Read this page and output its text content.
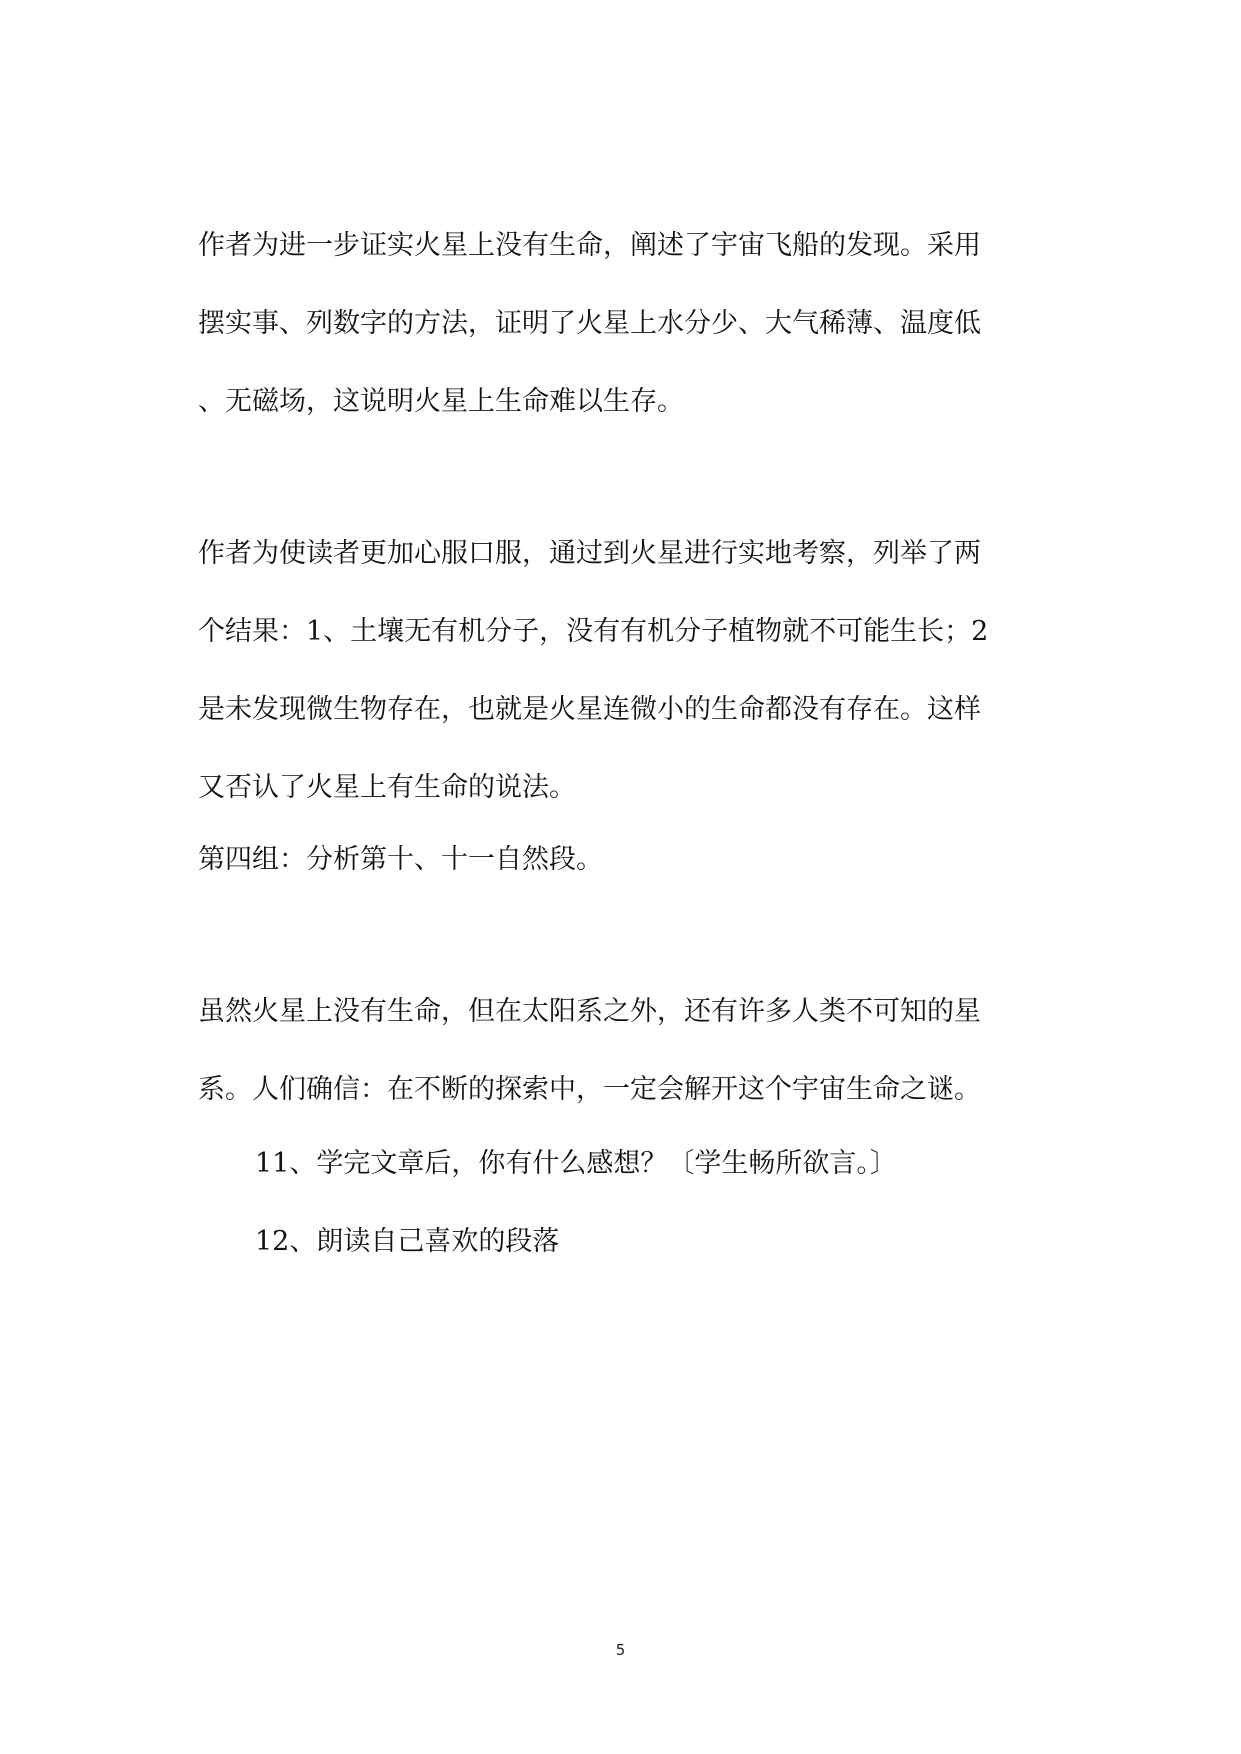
作者为进一步证实火星上没有生命，阐述了宇宙飞船的发现。采用
摆实事、列数字的方法，证明了火星上水分少、大气稀薄、温度低
、无磁场，这说明火星上生命难以生存。
作者为使读者更加心服口服，通过到火星进行实地考察，列举了两
个结果：1、土壤无有机分子，没有有机分子植物就不可能生长；2
是未发现微生物存在，也就是火星连微小的生命都没有存在。这样
又否认了火星上有生命的说法。
第四组：分析第十、十一自然段。
虽然火星上没有生命，但在太阳系之外，还有许多人类不可知的星
系。人们确信：在不断的探索中，一定会解开这个宇宙生命之谜。
11、学完文章后，你有什么感想？〔学生畅所欲言。〕
12、朗读自己喜欢的段落
5
